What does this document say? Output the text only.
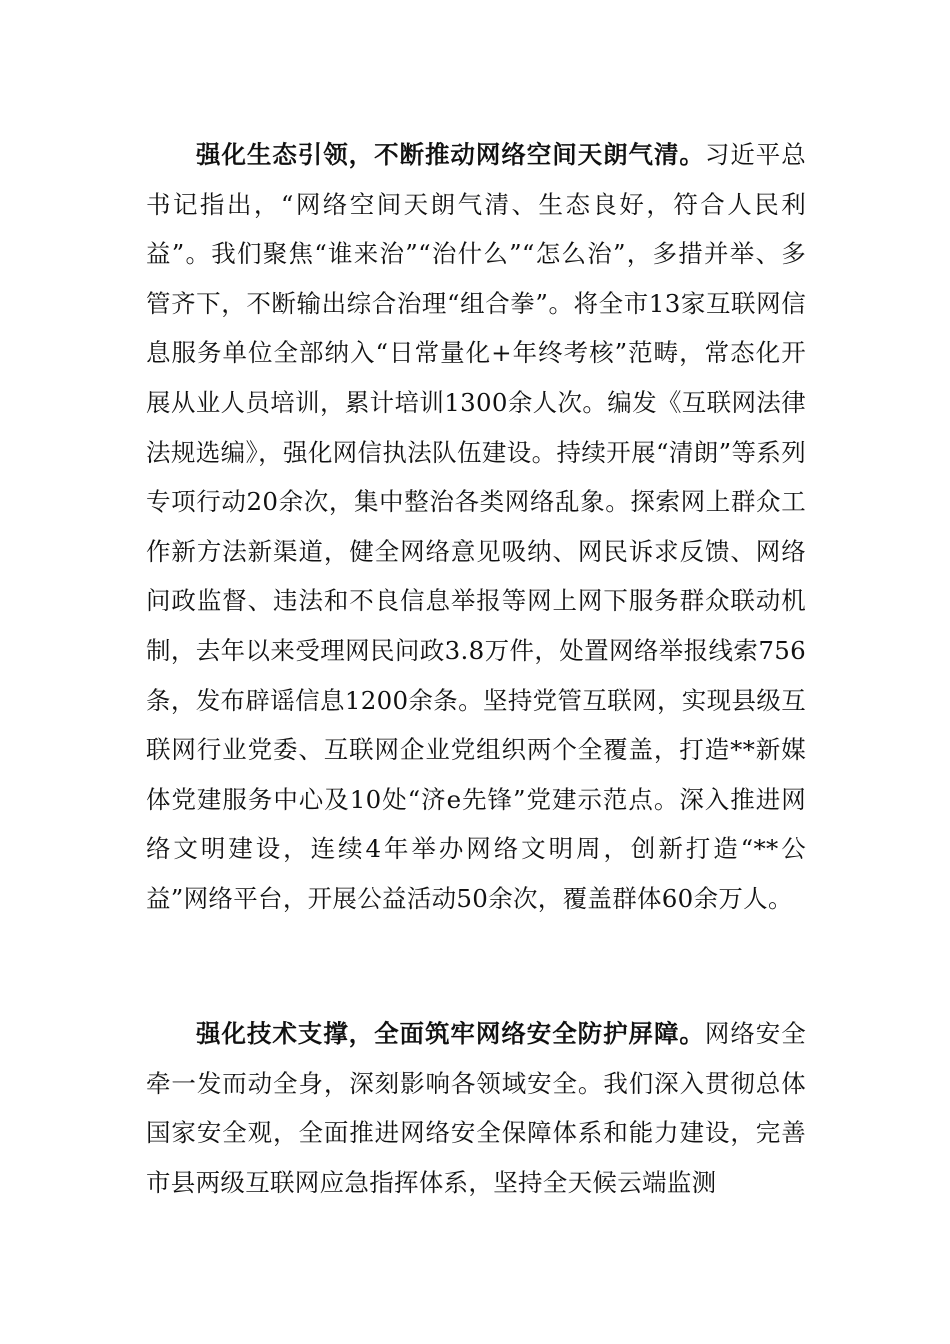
强化生态引领，不断推动网络空间天朗气清。习近平总书记指出，“网络空间天朗气清、生态良好，符合人民利益”。我们聚焦“谁来治”“治什么”“怎么治”，多措并举、多管齐下，不断输出综合治理“组合拳”。将全市13家互联网信息服务单位全部纳入“日常量化+年终考核”范畴，常态化开展从业人员培训，累计培训1300余人次。编发《互联网法律法规选编》，强化网信执法队伍建设。持续开展“清朗”等系列专项行动20余次，集中整治各类网络乱象。探索网上群众工作新方法新渠道，健全网络意见吸纳、网民诉求反馈、网络问政监督、违法和不良信息举报等网上网下服务群众联动机制，去年以来受理网民问政3.8万件，处置网络举报线索756条，发布辟谣信息1200余条。坚持党管互联网，实现县级互联网行业党委、互联网企业党组织两个全覆盖，打造**新媒体党建服务中心及10处“济e先锋”党建示范点。深入推进网络文明建设，连续4年举办网络文明周，创新打造“**公益”网络平台，开展公益活动50余次，覆盖群体60余万人。

强化技术支撑，全面筑牢网络安全防护屏障。网络安全牵一发而动全身，深刻影响各领域安全。我们深入贯彻总体国家安全观，全面推进网络安全保障体系和能力建设，完善市县两级互联网应急指挥体系，坚持全天候云端监测
